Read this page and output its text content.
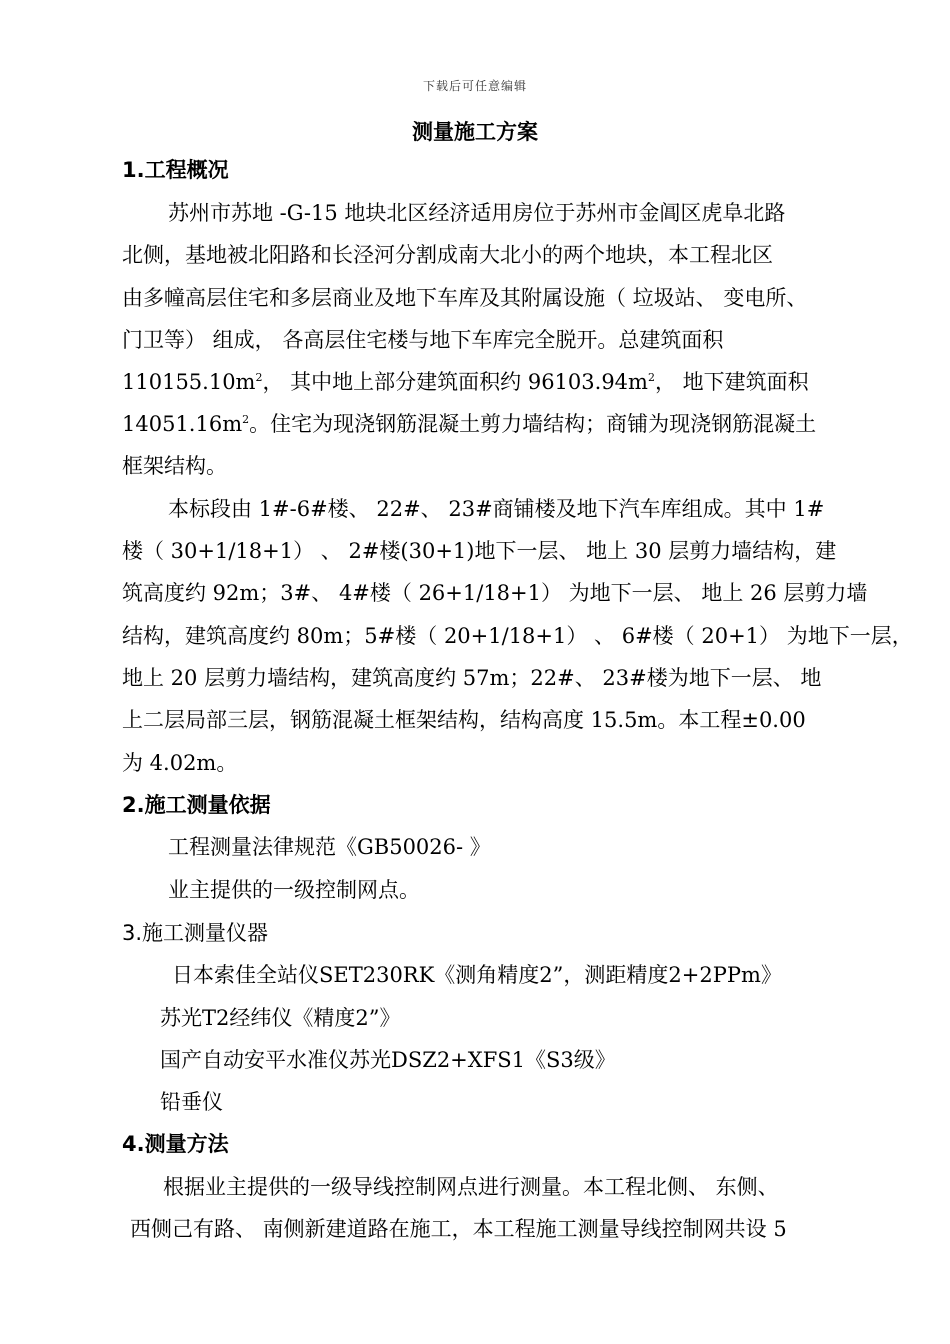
下载后可任意编辑
测量施工方案
1.工程概况
苏州市苏地 -G-15 地块北区经济适用房位于苏州市金阊区虎阜北路
北侧，基地被北阳路和长泾河分割成南大北小的两个地块，本工程北区
由多幢高层住宅和多层商业及地下车库及其附属设施（ 垃圾站、 变电所、
门卫等） 组成， 各高层住宅楼与地下车库完全脱开。总建筑面积
$110155.10m^2$， 其中地上部分建筑面积约 $96103.94m^2$， 地下建筑面积
$14051.16m^2$。住宅为现浇钢筋混凝土剪力墙结构；商铺为现浇钢筋混凝土
框架结构。
本标段由 1#-6#楼、 22#、 23#商铺楼及地下汽车库组成。其中 1#
楼（ 30+1/18+1） 、 2#楼(30+1)地下一层、 地上 30 层剪力墙结构，建
筑高度约 92m；3#、 4#楼（ 26+1/18+1） 为地下一层、 地上 26 层剪力墙
结构，建筑高度约 80m；5#楼（ 20+1/18+1） 、 6#楼（ 20+1） 为地下一层，
地上 20 层剪力墙结构，建筑高度约 57m；22#、 23#楼为地下一层、 地
上二层局部三层，钢筋混凝土框架结构，结构高度 15.5m。本工程±0.00
为 4.02m。
2.施工测量依据
工程测量法律规范《GB50026- 》
业主提供的一级控制网点。
3.施工测量仪器
日本索佳全站仪SET230RK《测角精度2”，测距精度2+2PPm》
苏光T2经纬仪《精度2”》
国产自动安平水准仪苏光DSZ2+XFS1《S3级》
铅垂仪
4.测量方法
根据业主提供的一级导线控制网点进行测量。本工程北侧、 东侧、
西侧己有路、 南侧新建道路在施工，本工程施工测量导线控制网共设 5
